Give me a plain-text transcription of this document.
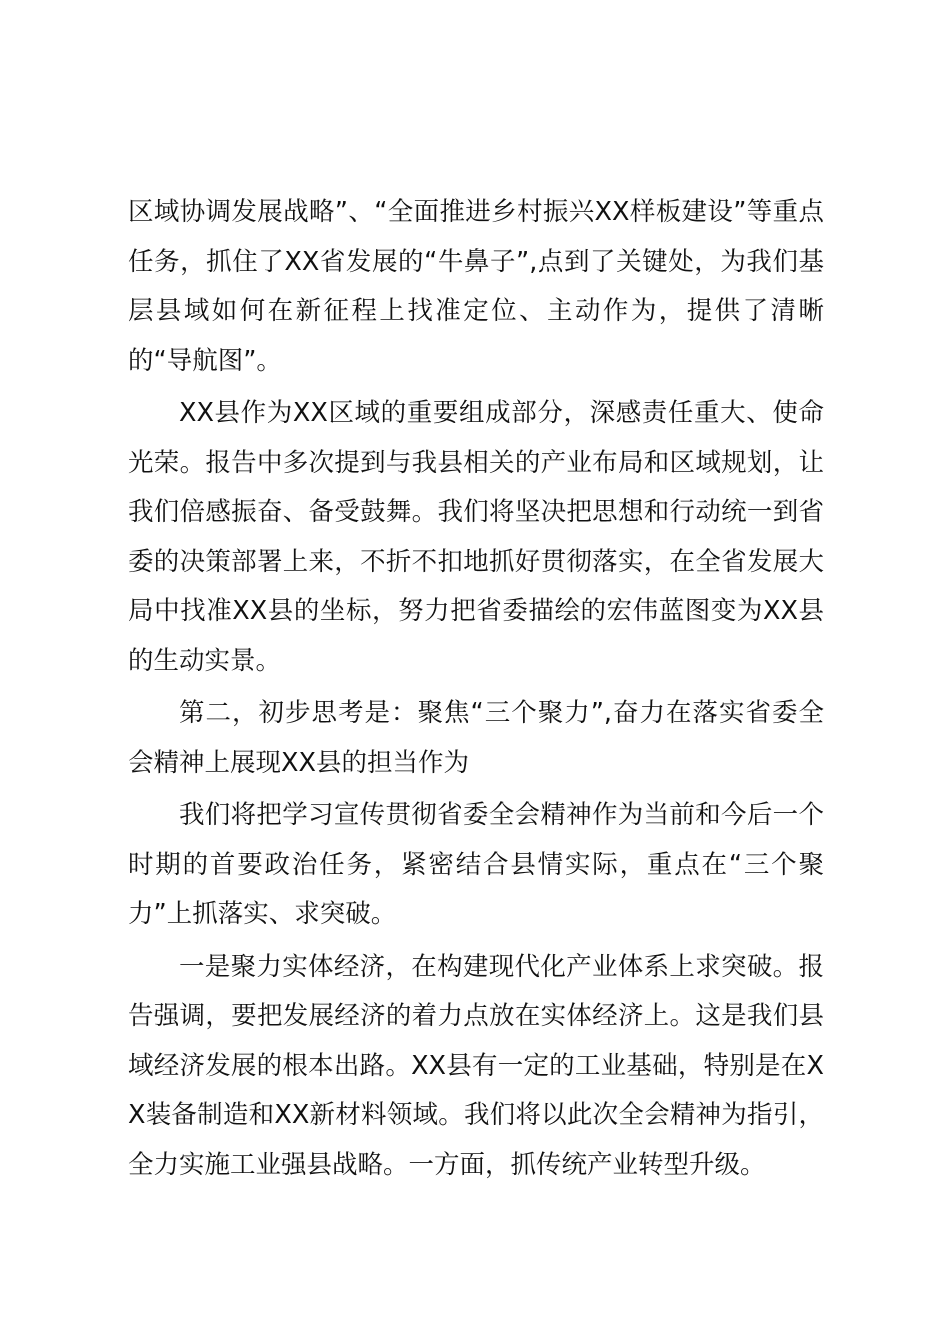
区域协调发展战略”、“全面推进乡村振兴XX样板建设”等重点任务，抓住了XX省发展的“牛鼻子”,点到了关键处，为我们基层县域如何在新征程上找准定位、主动作为，提供了清晰的“导航图”。

XX县作为XX区域的重要组成部分，深感责任重大、使命光荣。报告中多次提到与我县相关的产业布局和区域规划，让我们倍感振奋、备受鼓舞。我们将坚决把思想和行动统一到省委的决策部署上来，不折不扣地抓好贯彻落实，在全省发展大局中找准XX县的坐标，努力把省委描绘的宏伟蓝图变为XX县的生动实景。

第二，初步思考是：聚焦“三个聚力”,奋力在落实省委全会精神上展现XX县的担当作为

我们将把学习宣传贯彻省委全会精神作为当前和今后一个时期的首要政治任务，紧密结合县情实际，重点在“三个聚力”上抓落实、求突破。

一是聚力实体经济，在构建现代化产业体系上求突破。报告强调，要把发展经济的着力点放在实体经济上。这是我们县域经济发展的根本出路。XX县有一定的工业基础，特别是在XX装备制造和XX新材料领域。我们将以此次全会精神为指引，全力实施工业强县战略。一方面，抓传统产业转型升级。
